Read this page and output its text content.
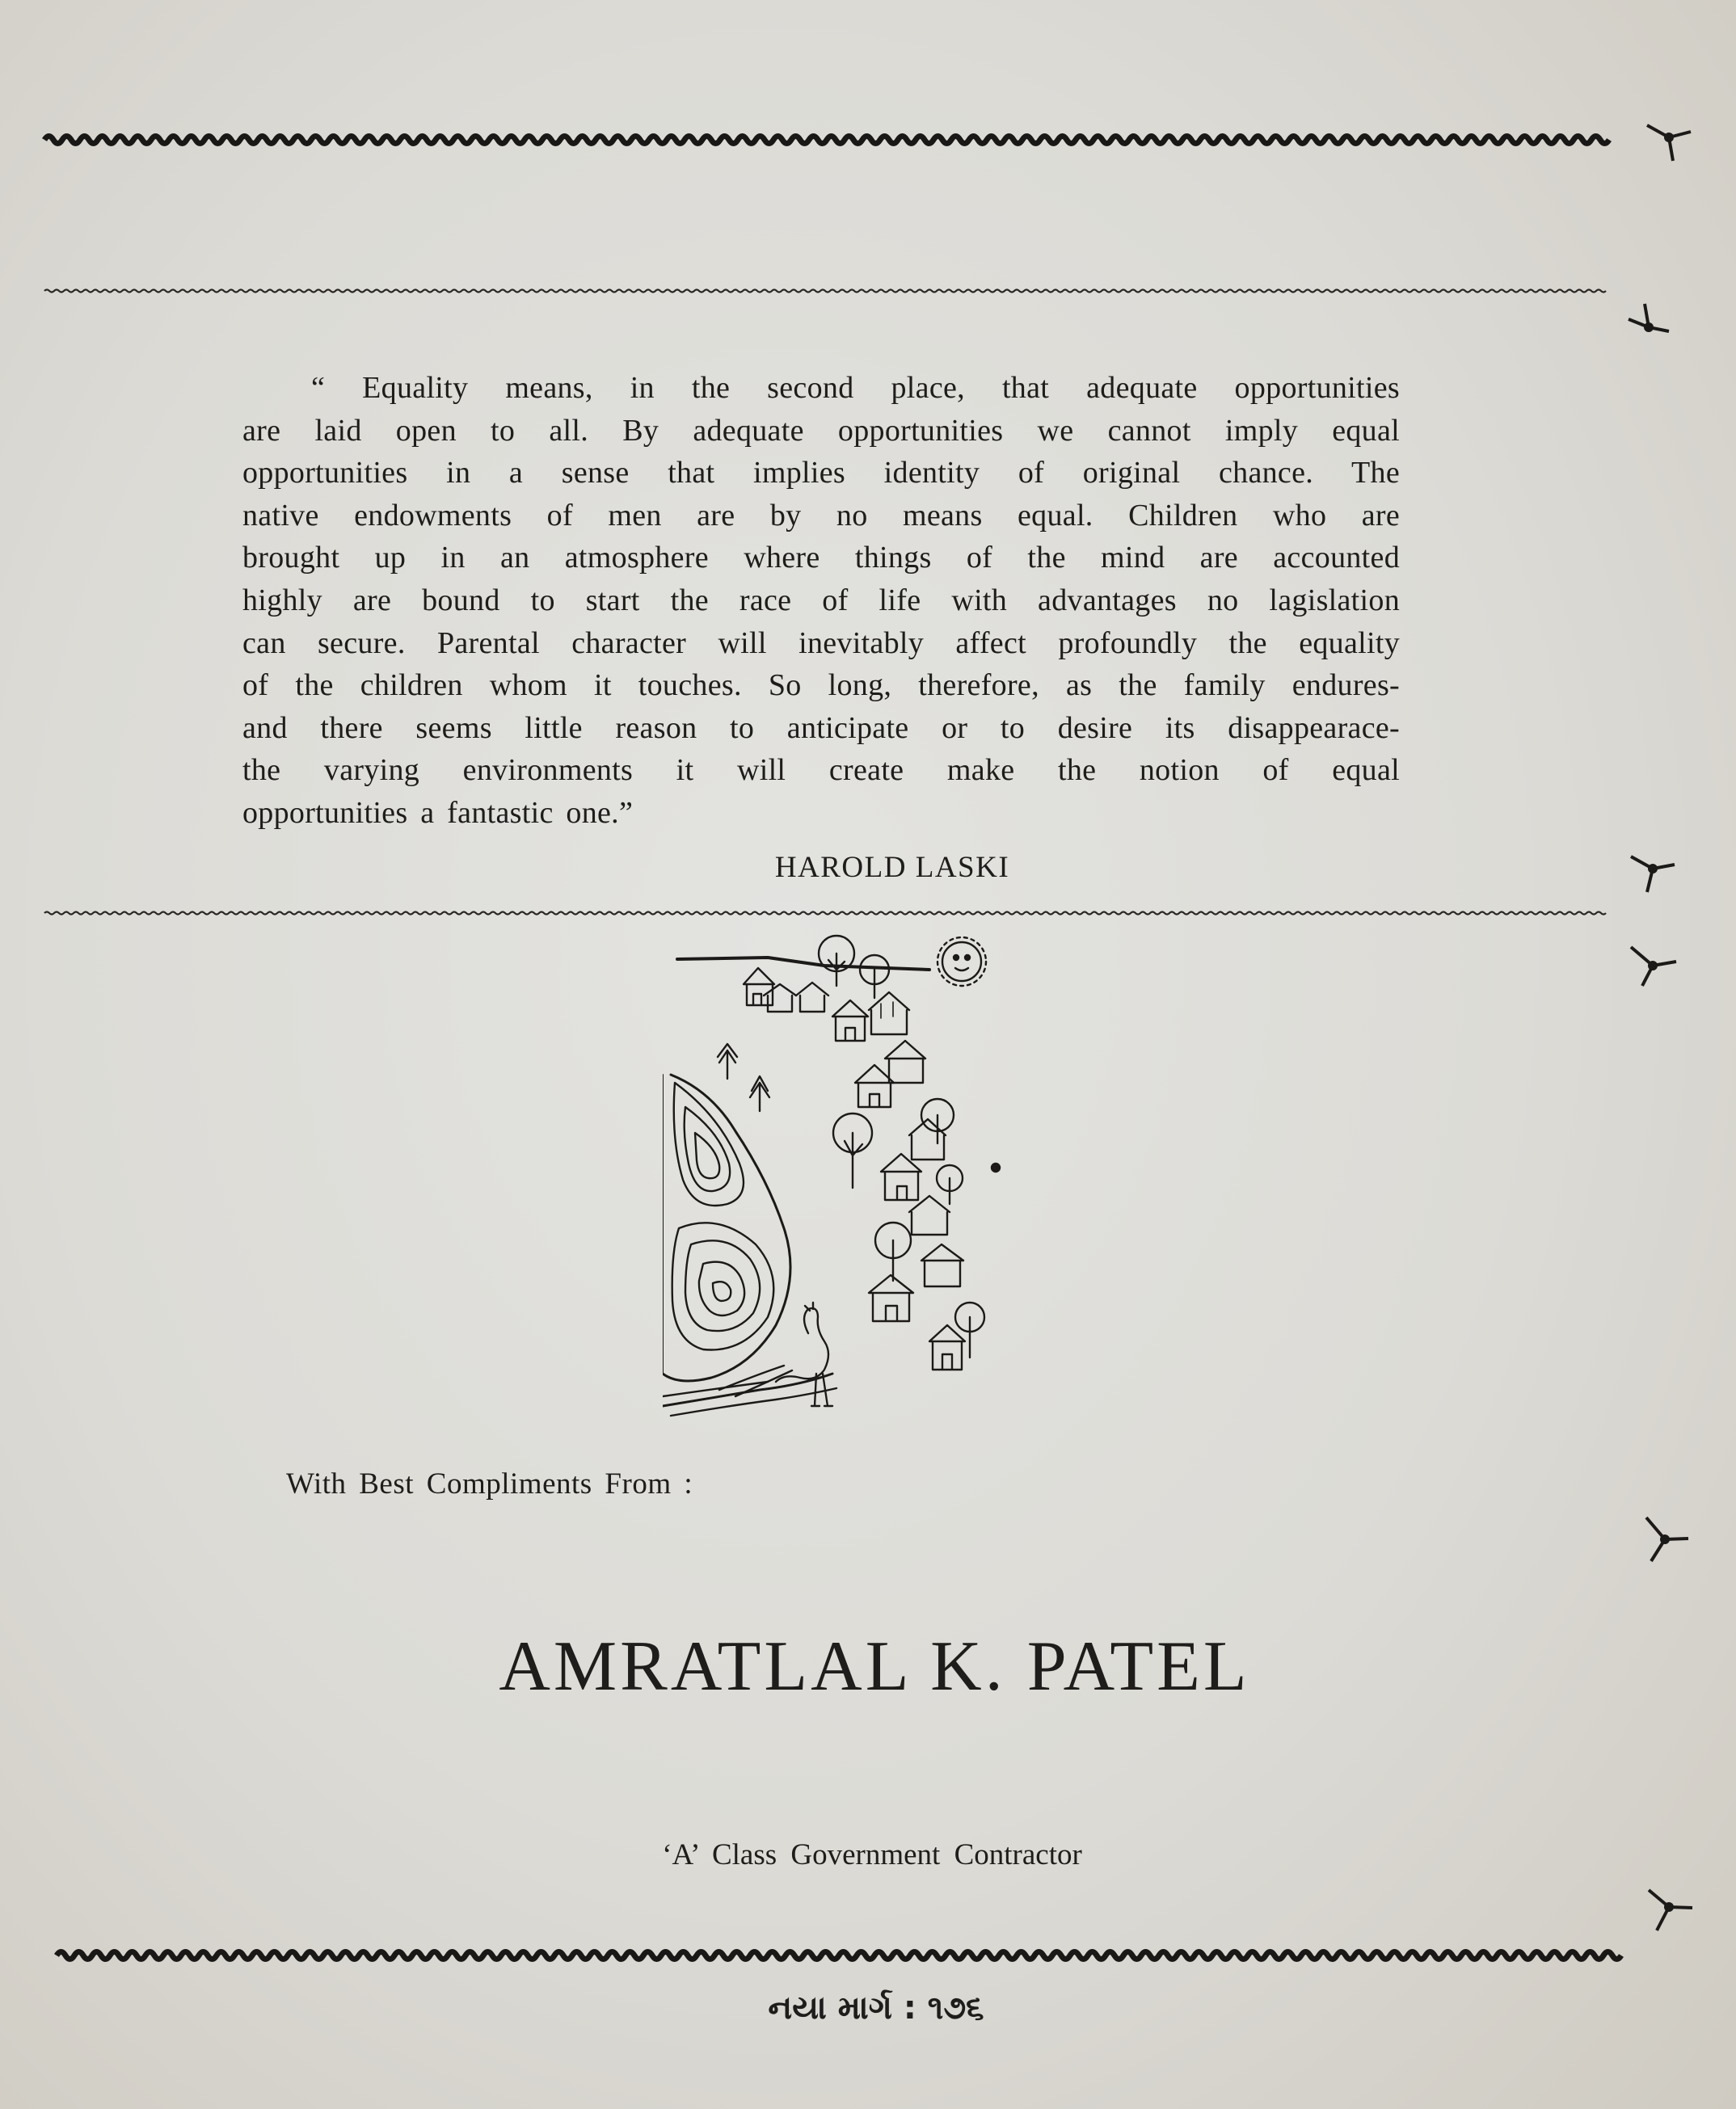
“ Equality means, in the second place, that adequate opportunities
are laid open to all. By adequate opportunities we cannot imply equal
opportunities in a sense that implies identity of original chance. The
native endowments of men are by no means equal. Children who are
brought up in an atmosphere where things of the mind are accounted
highly are bound to start the race of life with advantages no lagislation
can secure. Parental character will inevitably affect profoundly the equality
of the children whom it touches. So long, therefore, as the family endures-
and there seems little reason to anticipate or to desire its disappearace-
the varying environments it will create make the notion of equal
opportunities a fantastic one.”
HAROLD LASKI
With Best Compliments From :
AMRATLAL K. PATEL
‘A’ Class Government Contractor
નયા માર્ગ : ૧૭૬
